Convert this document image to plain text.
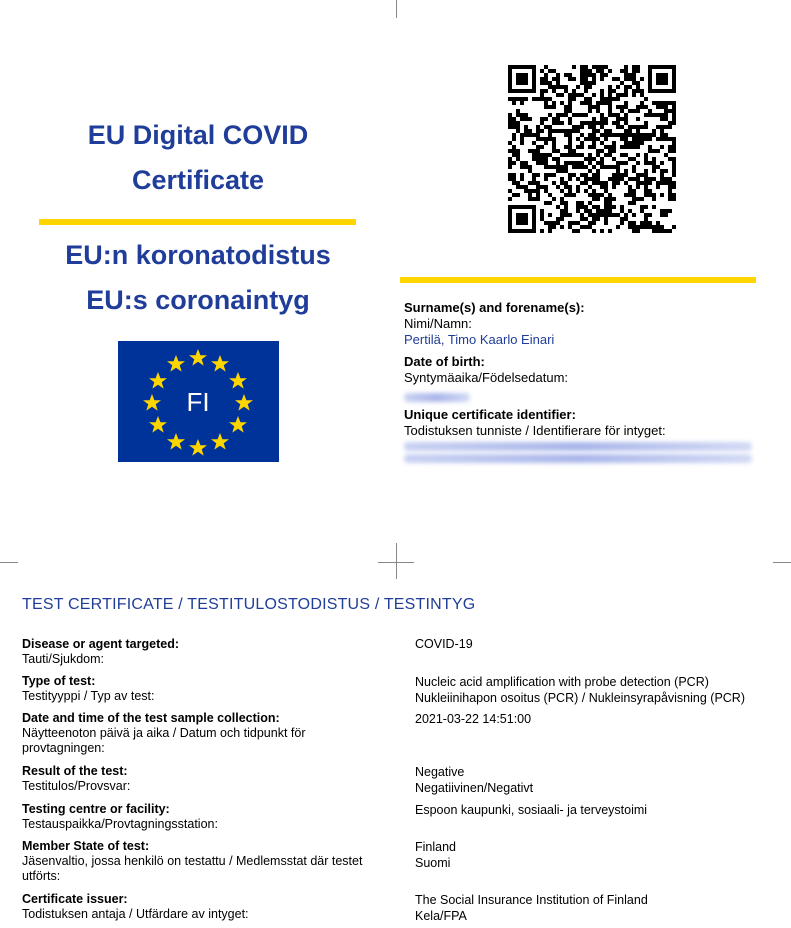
EU Digital COVID
Certificate
EU:n koronatodistus
EU:s coronaintyg
FI
Surname(s) and forename(s):
Nimi/Namn:
Pertilä, Timo Kaarlo Einari
Date of birth:
Syntymäaika/Födelsedatum:
Unique certificate identifier:
Todistuksen tunniste / Identifierare för intyget:
TEST CERTIFICATE / TESTITULOSTODISTUS / TESTINTYG
Disease or agent targeted:
Tauti/Sjukdom:
COVID-19
Type of test:
Testityyppi / Typ av test:
Nucleic acid amplification with probe detection (PCR)
Nukleiinihapon osoitus (PCR) / Nukleinsyrapåvisning (PCR)
Date and time of the test sample collection:
Näytteenoton päivä ja aika / Datum och tidpunkt för provtagningen:
2021-03-22 14:51:00
Result of the test:
Testitulos/Provsvar:
Negative
Negatiivinen/Negativt
Testing centre or facility:
Testauspaikka/Provtagningsstation:
Espoon kaupunki, sosiaali- ja terveystoimi
Member State of test:
Jäsenvaltio, jossa henkilö on testattu / Medlemsstat där testet utförts:
Finland
Suomi
Certificate issuer:
Todistuksen antaja / Utfärdare av intyget:
The Social Insurance Institution of Finland
Kela/FPA
